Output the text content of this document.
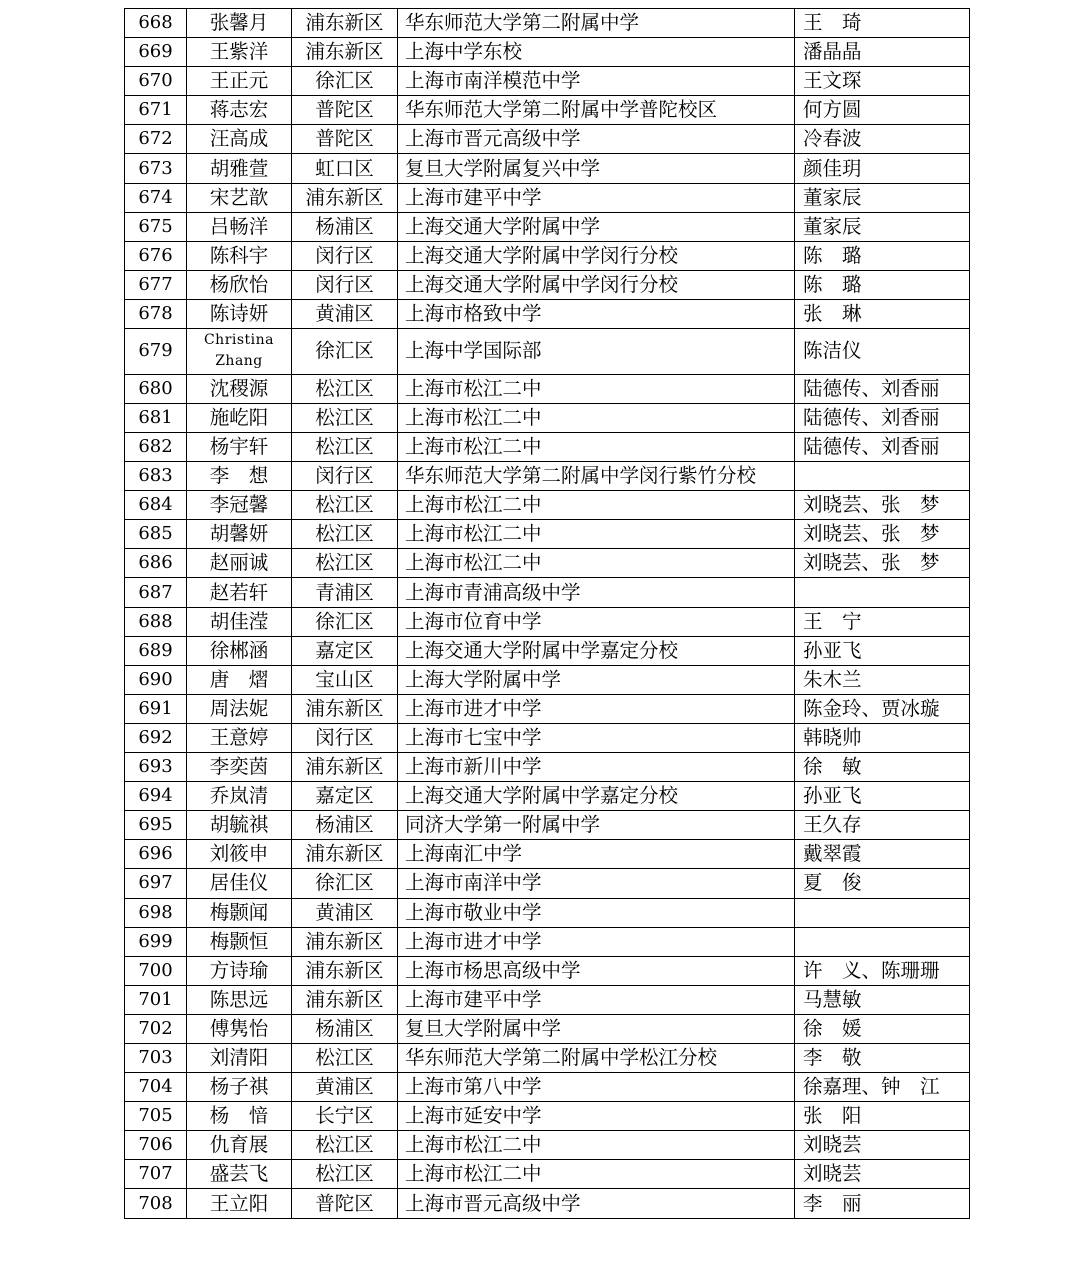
668	张馨月	浦东新区	华东师范大学第二附属中学	王　琦
669	王紫洋	浦东新区	上海中学东校	潘晶晶
670	王正元	徐汇区	上海市南洋模范中学	王文琛
671	蒋志宏	普陀区	华东师范大学第二附属中学普陀校区	何方圆
672	汪高成	普陀区	上海市晋元高级中学	冷春波
673	胡雅萱	虹口区	复旦大学附属复兴中学	颜佳玥
674	宋艺歆	浦东新区	上海市建平中学	董家辰
675	吕畅洋	杨浦区	上海交通大学附属中学	董家辰
676	陈科宇	闵行区	上海交通大学附属中学闵行分校	陈　璐
677	杨欣怡	闵行区	上海交通大学附属中学闵行分校	陈　璐
678	陈诗妍	黄浦区	上海市格致中学	张　琳
679	Christina Zhang	徐汇区	上海中学国际部	陈洁仪
680	沈稷源	松江区	上海市松江二中	陆德传、刘香丽
681	施屹阳	松江区	上海市松江二中	陆德传、刘香丽
682	杨宇轩	松江区	上海市松江二中	陆德传、刘香丽
683	李　想	闵行区	华东师范大学第二附属中学闵行紫竹分校	
684	李冠馨	松江区	上海市松江二中	刘晓芸、张　梦
685	胡馨妍	松江区	上海市松江二中	刘晓芸、张　梦
686	赵丽诚	松江区	上海市松江二中	刘晓芸、张　梦
687	赵若轩	青浦区	上海市青浦高级中学	
688	胡佳滢	徐汇区	上海市位育中学	王　宁
689	徐郴涵	嘉定区	上海交通大学附属中学嘉定分校	孙亚飞
690	唐　熠	宝山区	上海大学附属中学	朱木兰
691	周法妮	浦东新区	上海市进才中学	陈金玲、贾冰璇
692	王意婷	闵行区	上海市七宝中学	韩晓帅
693	李奕茵	浦东新区	上海市新川中学	徐　敏
694	乔岚清	嘉定区	上海交通大学附属中学嘉定分校	孙亚飞
695	胡毓祺	杨浦区	同济大学第一附属中学	王久存
696	刘筱申	浦东新区	上海南汇中学	戴翠霞
697	居佳仪	徐汇区	上海市南洋中学	夏　俊
698	梅颢闻	黄浦区	上海市敬业中学	
699	梅颢恒	浦东新区	上海市进才中学	
700	方诗瑜	浦东新区	上海市杨思高级中学	许　义、陈珊珊
701	陈思远	浦东新区	上海市建平中学	马慧敏
702	傅隽怡	杨浦区	复旦大学附属中学	徐　媛
703	刘清阳	松江区	华东师范大学第二附属中学松江分校	李　敬
704	杨子祺	黄浦区	上海市第八中学	徐嘉理、钟　江
705	杨　愔	长宁区	上海市延安中学	张　阳
706	仇育展	松江区	上海市松江二中	刘晓芸
707	盛芸飞	松江区	上海市松江二中	刘晓芸
708	王立阳	普陀区	上海市晋元高级中学	李　丽
